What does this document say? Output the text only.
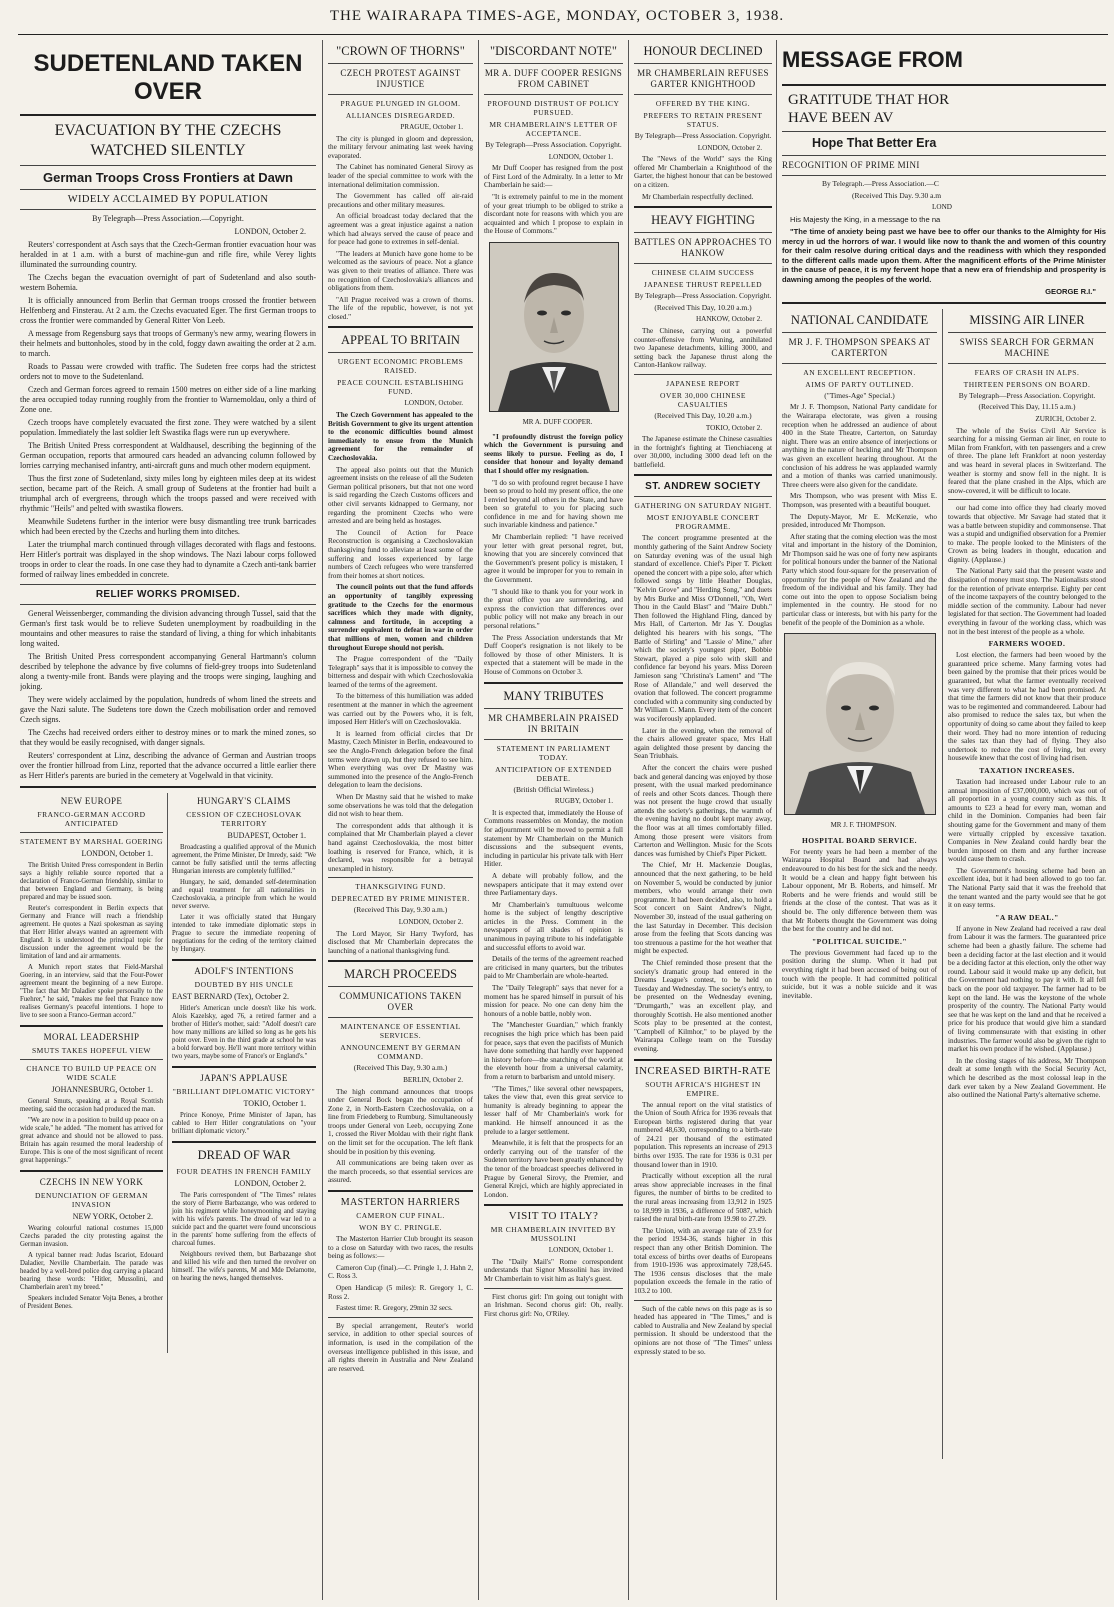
THE WAIRARAPA TIMES-AGE, MONDAY, OCTOBER 3, 1938.
SUDETENLAND TAKEN OVER
EVACUATION BY THE CZECHS WATCHED SILENTLY
German Troops Cross Frontiers at Dawn
WIDELY ACCLAIMED BY POPULATION

By Telegraph—Press Association.—Copyright.

LONDON, October 2.

Reuters' correspondent at Asch says that the Czech-German frontier evacuation hour was heralded in at 1 a.m. with a burst of machine-gun and rifle fire, while Verey lights illuminated the surrounding country.

The Czechs began the evacuation overnight of part of Sudetenland and also south-western Bohemia.

It is officially announced from Berlin that German troops crossed the frontier between Helfenberg and Finsterau. At 2 a.m. the Czechs evacuated Eger. The first German troops to cross the frontier were commanded by General Ritter Von Leeb.

A message from Regensburg says that troops of Germany's new army, wearing flowers in their helmets and buttonholes, stood by in the cold, foggy dawn awaiting the order at 2 a.m. to march.

Roads to Passau were crowded with traffic. The Sudeten free corps had the strictest orders not to move to the Sudetenland.

Czech and German forces agreed to remain 1500 metres on either side of a line marking the area occupied today running roughly from the frontier to Warnemoldau, only a third of Zone one.

Czech troops have completely evacuated the first zone. They were watched by a silent population. Immediately the last soldier left Swastika flags were run up everywhere.

The British United Press correspondent at Waldhausel, describing the beginning of the German occupation, reports that armoured cars headed an advancing column followed by lorries carrying mechanised infantry, anti-aircraft guns and much other modern equipment.

Thus the first zone of Sudetenland, sixty miles long by eighteen miles deep at its widest section, became part of the Reich. A small group of Sudetens at the frontier had built a triumphal arch of evergreens, through which the troops passed and were received with rhythmic "Heils" and pelted with swastika flowers.

Meanwhile Sudetens further in the interior were busy dismantling tree trunk barricades which had been erected by the Czechs and hurling them into ditches.

Later the triumphal march continued through villages decorated with flags and festoons. Herr Hitler's portrait was displayed in the shop windows. The Nazi labour corps followed troops in order to clear the roads. In one case they had to dynamite a Czech anti-tank barrier formed of railway lines embedded in concrete.

RELIEF WORKS PROMISED.

General Weissenberger, commanding the division advancing through Tussel, said that the German's first task would be to relieve Sudeten unemployment by roadbuilding in the mountains and other measures to raise the standard of living, a thing for which inhabitants long waited.

The British United Press correspondent accompanying General Hartmann's column described by telephone the advance by five columns of field-grey troops into Sudetenland along a twenty-mile front. Bands were playing and the troops were singing, laughing and joking.

They were widely acclaimed by the population, hundreds of whom lined the streets and gave the Nazi salute. The Sudetens tore down the Czech mobilisation order and removed Czech signs.

The Czechs had received orders either to destroy mines or to mark the mined zones, so that they would be easily recognised, with danger signals.

Reuters' correspondent at Linz, describing the advance of German and Austrian troops over the frontier hillroad from Linz, reported that the advance occurred a little earlier there as Herr Hitler's parents are buried in the cemetery at Vogelwald in that vicinity.

NEW EUROPE
FRANCO-GERMAN ACCORD ANTICIPATED
STATEMENT BY MARSHAL GOERING

LONDON, October 1.

The British United Press correspondent in Berlin says a highly reliable source reported that a declaration of Franco-German friendship, similar to that between England and Germany, is being prepared and may be issued soon.

Reuter's correspondent in Berlin expects that Germany and France will reach a friendship agreement. He quotes a Nazi spokesman as saying that Herr Hitler always wanted an agreement with England. It is understood the principal topic for discussion under the agreement would be the limitation of land and air armaments.

A Munich report states that Field-Marshal Goering, in an interview, said that the Four-Power agreement meant the beginning of a new Europe. "The fact that Mr Daladier spoke personally to the Fuehrer," he said, "makes me feel that France now realises Germany's peaceful intentions. I hope to live to see soon a Franco-German accord."

MORAL LEADERSHIP
SMUTS TAKES HOPEFUL VIEW
CHANCE TO BUILD UP PEACE ON WIDE SCALE

JOHANNESBURG, October 1.

General Smuts, speaking at a Royal Scottish meeting, said the occasion had produced the man.

"We are now in a position to build up peace on a wide scale," he added. "The moment has arrived for great advance and should not be allowed to pass. Britain has again resumed the moral leadership of Europe. This is one of the most significant of recent great happenings."

CZECHS IN NEW YORK
DENUNCIATION OF GERMAN INVASION

NEW YORK, October 2.

Wearing colourful national costumes 15,000 Czechs paraded the city protesting against the German invasion.

A typical banner read: Judas Iscariot, Edouard Daladier, Neville Chamberlain. The parade was headed by a well-bred police dog carrying a placard bearing these words: "Hitler, Mussolini, and Chamberlain aren't my breed."

Speakers included Senator Vojta Benes, a brother of President Benes.

HUNGARY'S CLAIMS
CESSION OF CZECHOSLOVAK TERRITORY

BUDAPEST, October 1.

Broadcasting a qualified approval of the Munich agreement, the Prime Minister, Dr Imredy, said: "We cannot be fully satisfied until the terms affecting Hungarian interests are completely fulfilled."

Hungary, he said, demanded self-determination and equal treatment for all nationalities in Czechoslovakia, a principle from which he would never swerve.

Later it was officially stated that Hungary intended to take immediate diplomatic steps in Prague to secure the immediate reopening of negotiations for the ceding of the territory claimed by Hungary.

ADOLF'S INTENTIONS
DOUBTED BY HIS UNCLE

EAST BERNARD (Tex), October 2.

Hitler's American uncle doesn't like his work. Alois Kazelsky, aged 76, a retired farmer and a brother of Hitler's mother, said: "Adolf doesn't care how many millions are killed so long as he gets his point over. Even in the third grade at school he was a bold forward boy. He'll want more territory within two years, maybe some of France's or England's."

JAPAN'S APPLAUSE
"BRILLIANT DIPLOMATIC VICTORY"

TOKIO, October 1.

Prince Konoye, Prime Minister of Japan, has cabled to Herr Hitler congratulations on "your brilliant diplomatic victory."

DREAD OF WAR
FOUR DEATHS IN FRENCH FAMILY

LONDON, October 2.

The Paris correspondent of "The Times" relates the story of Pierre Barbazange, who was ordered to join his regiment while honeymooning and staying with his wife's parents. The dread of war led to a suicide pact and the quartet were found unconscious in the parents' home suffering from the effects of charcoal fumes.

Neighbours revived them, but Barbazange shot and killed his wife and then turned the revolver on himself. The wife's parents, M and Mde Delamotte, on hearing the news, hanged themselves.

"CROWN OF THORNS"
CZECH PROTEST AGAINST INJUSTICE
PRAGUE PLUNGED IN GLOOM.
ALLIANCES DISREGARDED.

PRAGUE, October 1.

The city is plunged in gloom and depression, the military fervour animating last week having evaporated.

The Cabinet has nominated General Sirovy as leader of the special committee to work with the international delimitation commission.

The Government has called off air-raid precautions and other military measures.

An official broadcast today declared that the agreement was a great injustice against a nation which had always served the cause of peace and for peace had gone to extremes in self-denial.

"The leaders at Munich have gone home to be welcomed as the saviours of peace. Not a glance was given to their treaties of alliance. There was no recognition of Czechoslovakia's alliances and obligations from them.

"All Prague received was a crown of thorns. The life of the republic, however, is not yet closed."

APPEAL TO BRITAIN
URGENT ECONOMIC PROBLEMS RAISED.
PEACE COUNCIL ESTABLISHING FUND.

LONDON, October.

The Czech Government has appealed to the British Government to give its urgent attention to the economic difficulties bound almost immediately to ensue from the Munich agreement for the remainder of Czechoslovakia.

The appeal also points out that the Munich agreement insists on the release of all the Sudeten German political prisoners, but that not one word is said regarding the Czech Customs officers and other civil servants kidnapped to Germany, nor regarding the prominent Czechs who were arrested and are being held as hostages.

The Council of Action for Peace Reconstruction is organising a Czechoslovakian thanksgiving fund to alleviate at least some of the suffering and losses experienced by large numbers of Czech refugees who were transferred from their homes at short notices.

The council points out that the fund affords an opportunity of tangibly expressing gratitude to the Czechs for the enormous sacrifices which they made with dignity, calmness and fortitude, in accepting a surrender equivalent to defeat in war in order that millions of men, women and children throughout Europe should not perish.

The Prague correspondent of the "Daily Telegraph" says that it is impossible to convey the bitterness and despair with which Czechoslovakia learned of the terms of the agreement.

To the bitterness of this humiliation was added resentment at the manner in which the agreement was carried out by the Powers who, it is felt, imposed Herr Hitler's will on Czechoslovakia.

It is learned from official circles that Dr Mastny, Czech Minister in Berlin, endeavoured to see the Anglo-French delegation before the final terms were drawn up, but they refused to see him. When everything was over Dr Mastny was summoned into the presence of the Anglo-French delegation to learn the decisions.

When Dr Mastny said that he wished to make some observations he was told that the delegation did not wish to hear them.

The correspondent adds that although it is complained that Mr Chamberlain played a clever hand against Czechoslovakia, the most bitter loathing is reserved for France, which, it is declared, was responsible for a betrayal unexampled in history.

THANKSGIVING FUND.
DEPRECATED BY PRIME MINISTER.

(Received This Day, 9.30 a.m.)

LONDON, October 2.

The Lord Mayor, Sir Harry Twyford, has disclosed that Mr Chamberlain deprecates the launching of a national thanksgiving fund.

MARCH PROCEEDS
COMMUNICATIONS TAKEN OVER
MAINTENANCE OF ESSENTIAL SERVICES.
ANNOUNCEMENT BY GERMAN COMMAND.

(Received This Day, 9.30 a.m.)

BERLIN, October 2.

The high command announces that troops under General Bock began the occupation of Zone 2, in North-Eastern Czechoslovakia, on a line from Friedeberg to Rumburg. Simultaneously troops under General von Leeb, occupying Zone 1, crossed the River Moldau with their right flank on the limit set for the occupation. The left flank should be in position by this evening.

All communications are being taken over as the march proceeds, so that essential services are assured.

MASTERTON HARRIERS
CAMERON CUP FINAL.
WON BY C. PRINGLE.

The Masterton Harrier Club brought its season to a close on Saturday with two races, the results being as follows:—

Cameron Cup (final).—C. Pringle 1, J. Hahn 2, C. Ross 3.

Open Handicap (5 miles): R. Gregory 1, C. Ross 2.

Fastest time: R. Gregory, 29min 32 secs.

By special arrangement, Reuter's world service, in addition to other special sources of information, is used in the compilation of the overseas intelligence published in this issue, and all rights therein in Australia and New Zealand are reserved.

"DISCORDANT NOTE"
MR A. DUFF COOPER RESIGNS FROM CABINET
PROFOUND DISTRUST OF POLICY PURSUED.
MR CHAMBERLAIN'S LETTER OF ACCEPTANCE.

By Telegraph—Press Association. Copyright.

LONDON, October 1.

Mr Duff Cooper has resigned from the post of First Lord of the Admiralty. In a letter to Mr Chamberlain he said:—

"It is extremely painful to me in the moment of your great triumph to be obliged to strike a discordant note for reasons with which you are acquainted and which I propose to explain in the House of Commons."

MR A. DUFF COOPER.

"I profoundly distrust the foreign policy which the Government is pursuing and seems likely to pursue. Feeling as do, I consider that honour and loyalty demand that I should offer my resignation.

"I do so with profound regret because I have been so proud to hold my present office, the one I envied beyond all others in the State, and have been so grateful to you for placing such confidence in me and for having shown me such invariable kindness and patience."

Mr Chamberlain replied: "I have received your letter with great personal regret, but, knowing that you are sincerely convinced that the Government's present policy is mistaken, I agree it would be improper for you to remain in the Government.

"I should like to thank you for your work in the great office you are surrendering, and express the conviction that differences over public policy will not make any breach in our personal relations."

The Press Association understands that Mr Duff Cooper's resignation is not likely to be followed by those of other Ministers. It is expected that a statement will be made in the House of Commons on October 3.

MANY TRIBUTES
MR CHAMBERLAIN PRAISED IN BRITAIN
STATEMENT IN PARLIAMENT TODAY.
ANTICIPATION OF EXTENDED DEBATE.

(British Official Wireless.)

RUGBY, October 1.

It is expected that, immediately the House of Commons reassembles on Monday, the motion for adjournment will be moved to permit a full statement by Mr Chamberlain on the Munich discussions and the subsequent events, including in particular his private talk with Herr Hitler.

A debate will probably follow, and the newspapers anticipate that it may extend over three Parliamentary days.

Mr Chamberlain's tumultuous welcome home is the subject of lengthy descriptive articles in the Press. Comment in the newspapers of all shades of opinion is unanimous in paying tribute to his indefatigable and successful efforts to avoid war.

Details of the terms of the agreement reached are criticised in many quarters, but the tributes paid to Mr Chamberlain are whole-hearted.

The "Daily Telegraph" says that never for a moment has he spared himself in pursuit of his mission for peace. No one can deny him the honours of a noble battle, nobly won.

The "Manchester Guardian," which frankly recognises the high price which has been paid for peace, says that even the pacifists of Munich have done something that hardly ever happened in history before—the snatching of the world at the eleventh hour from a universal calamity, from a return to barbarism and untold misery.

"The Times," like several other newspapers, takes the view that, even this great service to humanity is already beginning to appear the lesser half of Mr Chamberlain's work for mankind. He himself announced it as the prelude to a larger settlement.

Meanwhile, it is felt that the prospects for an orderly carrying out of the transfer of the Sudeten territory have been greatly enhanced by the tenor of the broadcast speeches delivered in Prague by General Sirovy, the Premier, and General Krejci, which are highly appreciated in London.

VISIT TO ITALY?
MR CHAMBERLAIN INVITED BY MUSSOLINI

LONDON, October 1.

The "Daily Mail's" Rome correspondent understands that Signor Mussolini has invited Mr Chamberlain to visit him as Italy's guest.

First chorus girl: I'm going out tonight with an Irishman. Second chorus girl: Oh, really. First chorus girl: No, O'Riley.

HONOUR DECLINED
MR CHAMBERLAIN REFUSES GARTER KNIGHTHOOD
OFFERED BY THE KING.
PREFERS TO RETAIN PRESENT STATUS.

By Telegraph—Press Association. Copyright.

LONDON, October 2.

The "News of the World" says the King offered Mr Chamberlain a Knighthood of the Garter, the highest honour that can be bestowed on a citizen.

Mr Chamberlain respectfully declined.

HEAVY FIGHTING
BATTLES ON APPROACHES TO HANKOW
CHINESE CLAIM SUCCESS
JAPANESE THRUST REPELLED

By Telegraph—Press Association. Copyright.

(Received This Day, 10.20 a.m.)

HANKOW, October 2.

The Chinese, carrying out a powerful counter-offensive from Wuning, annihilated two Japanese detachments, killing 3000, and setting back the Japanese thrust along the Canton-Hankow railway.

JAPANESE REPORT
OVER 30,000 CHINESE CASUALTIES

(Received This Day, 10.20 a.m.)

TOKIO, October 2.

The Japanese estimate the Chinese casualties in the fortnight's fighting at Tienchiaceng at over 30,000, including 3000 dead left on the battlefield.

ST. ANDREW SOCIETY
GATHERING ON SATURDAY NIGHT.
MOST ENJOYABLE CONCERT PROGRAMME.

The concert programme presented at the monthly gathering of the Saint Andrew Society on Saturday evening was of the usual high standard of excellence. Chief's Piper T. Pickett opened the concert with a pipe solo, after which followed songs by little Heather Douglas, "Kelvin Grove" and "Herding Song," and duets by Mrs Burke and Miss O'Donnell, "Oh, Wert Thou in the Cauld Blast" and "Maire Dubh." Then followed the Highland Fling, danced by Mrs Hall, of Carterton. Mr Jas Y. Douglas delighted his hearers with his songs, "The Battle of Stirling" and "Lassie o' Mine," after which the society's youngest piper, Bobbie Stewart, played a pipe solo with skill and confidence far beyond his years. Miss Doreen Jamieson sang "Christina's Lament" and "The Rose of Allandale," and well deserved the ovation that followed. The concert programme concluded with a community sing conducted by Mr William C. Mann. Every item of the concert was vociferously applauded.

Later in the evening, when the removal of the chairs allowed greater space, Mrs Hall again delighted those present by dancing the Sean Triubhais.

After the concert the chairs were pushed back and general dancing was enjoyed by those present, with the usual marked predominance of reels and other Scots dances. Though there was not present the huge crowd that usually attends the society's gatherings, the warmth of the evening having no doubt kept many away, the floor was at all times comfortably filled. Among those present were visitors from Carterton and Wellington. Music for the Scots dances was furnished by Chief's Piper Pickett.

The Chief, Mr H. Mackenzie Douglas, announced that the next gathering, to be held on November 5, would be conducted by junior members, who would arrange their own programme. It had been decided, also, to hold a Scot concert on Saint Andrew's Night, November 30, instead of the usual gathering on the last Saturday in December. This decision arose from the feeling that Scots dancing was too strenuous a pastime for the hot weather that might be expected.

The Chief reminded those present that the society's dramatic group had entered in the Dreams League's contest, to be held on Tuesday and Wednesday. The society's entry, to be presented on the Wednesday evening, "Drumgarth," was an excellent play, and thoroughly Scottish. He also mentioned another Scots play to be presented at the contest, "Campbell of Kilmhor," to be played by the Wairarapa College team on the Tuesday evening.

INCREASED BIRTH-RATE
SOUTH AFRICA'S HIGHEST IN EMPIRE.

The annual report on the vital statistics of the Union of South Africa for 1936 reveals that European births registered during that year numbered 48,630, corresponding to a birth-rate of 24.21 per thousand of the estimated population. This represents an increase of 2913 births over 1935. The rate for 1936 is 0.31 per thousand lower than in 1910.

Practically without exception all the rural areas show appreciable increases in the final figures, the number of births to be credited to the rural areas increasing from 13,912 in 1925 to 18,999 in 1936, a difference of 5087, which raised the rural birth-rate from 19.98 to 27.29.

The Union, with an average rate of 23.9 for the period 1934-36, stands higher in this respect than any other British Dominion. The total excess of births over deaths of Europeans from 1910-1936 was approximately 728,645. The 1936 census discloses that the male population exceeds the female in the ratio of 103.2 to 100.

Such of the cable news on this page as is so headed has appeared in "The Times," and is cabled to Australia and New Zealand by special permission. It should be understood that the opinions are not those of "The Times" unless expressly stated to be so.

MESSAGE FROM
GRATITUDE THAT HOR HAVE BEEN AV
Hope That Better Era
RECOGNITION OF PRIME MINI

By Telegraph.—Press Association.—C

(Received This Day. 9.30 a.m

LOND

His Majesty the King, in a message to the na

"The time of anxiety being past we have bee to offer our thanks to the Almighty for His mercy in ud the horrors of war. I would like now to thank the and women of this country for their calm resolve during critical days and the readiness with which they responded to the different calls made upon them. After the magnificent efforts of the Prime Minister in the cause of peace, it is my fervent hope that a new era of friendship and prosperity is dawning among the peoples of the world.

GEORGE R.I."

NATIONAL CANDIDATE
MR J. F. THOMPSON SPEAKS AT CARTERTON
AN EXCELLENT RECEPTION.
AIMS OF PARTY OUTLINED.

("Times-Age" Special.)

Mr J. F. Thompson, National Party candidate for the Wairarapa electorate, was given a rousing reception when he addressed an audience of about 400 in the State Theatre, Carterton, on Saturday night. There was an entire absence of interjections or anything in the nature of heckling and Mr Thompson was given an excellent hearing throughout. At the conclusion of his address he was applauded warmly and a motion of thanks was carried unanimously. Three cheers were also given for the candidate.

Mrs Thompson, who was present with Miss E. Thompson, was presented with a beautiful bouquet.

The Deputy-Mayor, Mr E. McKenzie, who presided, introduced Mr Thompson.

After stating that the coming election was the most vital and important in the history of the Dominion, Mr Thompson said he was one of forty new aspirants for political honours under the banner of the National Party which stood four-square for the preservation of opportunity for the people of New Zealand and the freedom of the individual and his family. They had come out into the open to oppose Socialism being implemented in the country. He stood for no particular class or interests, but with his party for the benefit of the people of the Dominion as a whole.

MR J. F. THOMPSON.

HOSPITAL BOARD SERVICE.

For twenty years he had been a member of the Wairarapa Hospital Board and had always endeavoured to do his best for the sick and the needy. It would be a clean and happy fight between his Labour opponent, Mr B. Roberts, and himself. Mr Roberts and he were friends and would still be friends at the close of the contest. That was as it should be. The only difference between them was that Mr Roberts thought the Government was doing the best for the country and he did not.

"POLITICAL SUICIDE."

The previous Government had faced up to the position during the slump. When it had put everything right it had been accused of being out of touch with the people. It had committed political suicide, but it was a noble suicide and it was inevitable.

MISSING AIR LINER
SWISS SEARCH FOR GERMAN MACHINE
FEARS OF CRASH IN ALPS.
THIRTEEN PERSONS ON BOARD.

By Telegraph—Press Association. Copyright.

(Received This Day, 11.15 a.m.)

ZURICH, October 2.

The whole of the Swiss Civil Air Service is searching for a missing German air liner, en route to Milan from Frankfort, with ten passengers and a crew of three. The plane left Frankfort at noon yesterday and was heard in several places in Switzerland. The weather is stormy and snow fell in the night. It is feared that the plane crashed in the Alps, which are snow-covered, it will be difficult to locate.

our had come into office they had clearly moved towards that objective. Mr Savage had stated that it was a battle between stupidity and commonsense. That was a stupid and undignified observation for a Premier to make. The people looked to the Ministers of the Crown as being leaders in thought, education and dignity. (Applause.)

The National Party said that the present waste and dissipation of money must stop. The Nationalists stood for the retention of private enterprise. Eighty per cent of the income taxpayers of the country belonged to the middle section of the community. Labour had never legislated for that section. The Government had loaded everything in favour of the working class, which was not in the best interest of the people as a whole.

FARMERS WOOED.

Lost election, the farmers had been wooed by the guaranteed price scheme. Many farming votes had been gained by the promise that their prices would be guaranteed, but what the farmer eventually received was very different to what he had been promised. At that time the farmers did not know that their produce was to be regimented and commandeered. Labour had also promised to reduce the sales tax, but when the opportunity of doing so came about they failed to keep their word. They had no more intention of reducing the sales tax than they had of flying. They also undertook to reduce the cost of living, but every housewife knew that the cost of living had risen.

TAXATION INCREASES.

Taxation had increased under Labour rule to an annual imposition of £37,000,000, which was out of all proportion in a young country such as this. It amounts to £23 a head for every man, woman and child in the Dominion. Companies had been fair shouting game for the Government and many of them were virtually crippled by excessive taxation. Companies in New Zealand could hardly bear the burden imposed on them and any further increase would cause them to crash.

The Government's housing scheme had been an excellent idea, but it had been allowed to go too far. The National Party said that it was the freehold that the tenant wanted and the party would see that he got it on easy terms.

"A RAW DEAL."

If anyone in New Zealand had received a raw deal from Labour it was the farmers. The guaranteed price scheme had been a ghastly failure. The scheme had been a deciding factor at the last election and it would be a deciding factor at this election, only the other way round. Labour said it would make up any deficit, but the Government had nothing to pay it with. It all fell back on the poor old taxpayer. The farmer had to be kept on the land. He was the keystone of the whole prosperity of the country. The National Party would see that he was kept on the land and that he received a price for his produce that would give him a standard of living commensurate with that existing in other industries. The farmer would also be given the right to market his own produce if he wished. (Applause.)

In the closing stages of his address, Mr Thompson dealt at some length with the Social Security Act, which he described as the most colossal leap in the dark ever taken by a New Zealand Government. He also outlined the National Party's alternative scheme.
